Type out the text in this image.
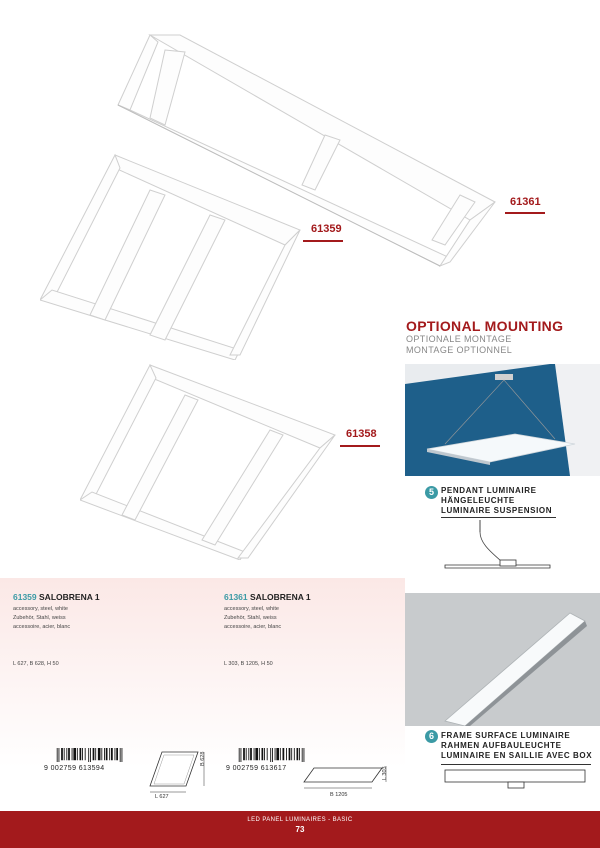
61361
61359
61358
OPTIONAL MOUNTING
OPTIONALE MONTAGE
MONTAGE OPTIONNEL
5 PENDANT LUMINAIRE
HÄNGELEUCHTE
LUMINAIRE SUSPENSION
6 FRAME SURFACE LUMINAIRE
RAHMEN AUFBAULEUCHTE
LUMINAIRE EN SAILLIE AVEC BOX
61359 SALOBRENA 1
accessory, steel, white
Zubehör, Stahl, weiss
accessoire, acier, blanc
L 627, B 628, H 50
61361 SALOBRENA 1
accessory, steel, white
Zubehör, Stahl, weiss
accessoire, acier, blanc
L 303, B 1205, H 50
9 002759 613594
L 627
B 628
9 002759 613617
B 1205
L 303
LED PANEL LUMINAIRES - BASIC
73
